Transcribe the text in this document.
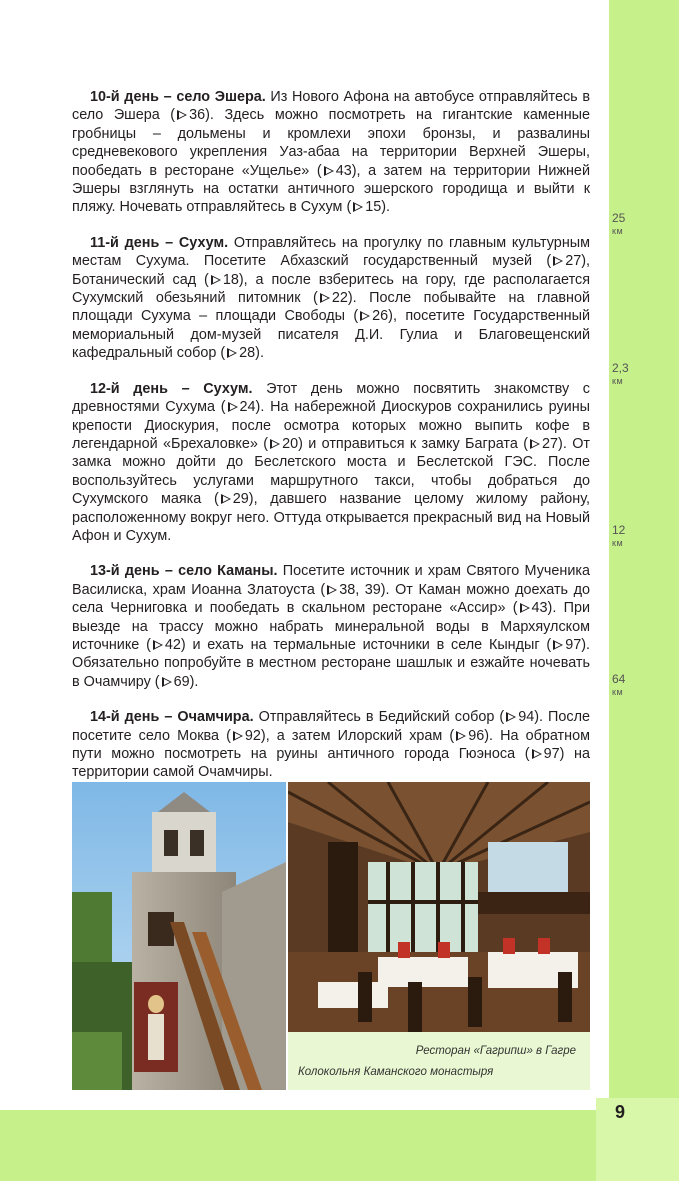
9
25
км
2,3
км
12
км
64
км

10-й день – село Эшера. Из Нового Афона на автобусе отправляйтесь в село Эшера ( 36). Здесь можно посмотреть на гигантские каменные гробницы – дольмены и кромлехи эпохи бронзы, и развалины средневекового укрепления Уаз-абаа на территории Верхней Эшеры, пообедать в ресторане «Ущелье» ( 43), а затем на территории Нижней Эшеры взглянуть на остатки античного эшерского городища и выйти к пляжу. Ночевать отправляйтесь в Сухум ( 15).

11-й день – Сухум. Отправляйтесь на прогулку по главным культурным местам Сухума. Посетите Абхазский государственный музей ( 27), Ботанический сад ( 18), а после взберитесь на гору, где располагается Сухумский обезьяний питомник ( 22). После побывайте на главной площади Сухума – площади Свободы ( 26), посетите Государственный мемориальный дом-музей писателя Д.И. Гулиа и Благовещенский кафедральный собор ( 28).

12-й день – Сухум. Этот день можно посвятить знакомству с древностями Сухума ( 24). На набережной Диоскуров сохранились руины крепости Диоскурия, после осмотра которых можно выпить кофе в легендарной «Брехаловке» ( 20) и отправиться к замку Баграта ( 27). От замка можно дойти до Беслетского моста и Беслетской ГЭС. После воспользуйтесь услугами маршрутного такси, чтобы добраться до Сухумского маяка ( 29), давшего название целому жилому району, расположенному вокруг него. Оттуда открывается прекрасный вид на Новый Афон и Сухум.

13-й день – село Каманы. Посетите источник и храм Святого Мученика Василиска, храм Иоанна Златоуста ( 38, 39). От Каман можно доехать до села Черниговка и пообедать в скальном ресторане «Ассир» ( 43). При выезде на трассу можно набрать минеральной воды в Мархяулском источнике ( 42) и ехать на термальные источники в селе Кындыг ( 97). Обязательно попробуйте в местном ресторане шашлык и езжайте ночевать в Очамчиру ( 69).

14-й день – Очамчира. Отправляйтесь в Бедийский собор ( 94). После посетите село Моква ( 92), а затем Илорский храм ( 96). На обратном пути можно посмотреть на руины античного города Гюэноса ( 97) на территории самой Очамчиры.

Ресторан «Гагрипш» в Гагре
Колокольня Каманского монастыря
